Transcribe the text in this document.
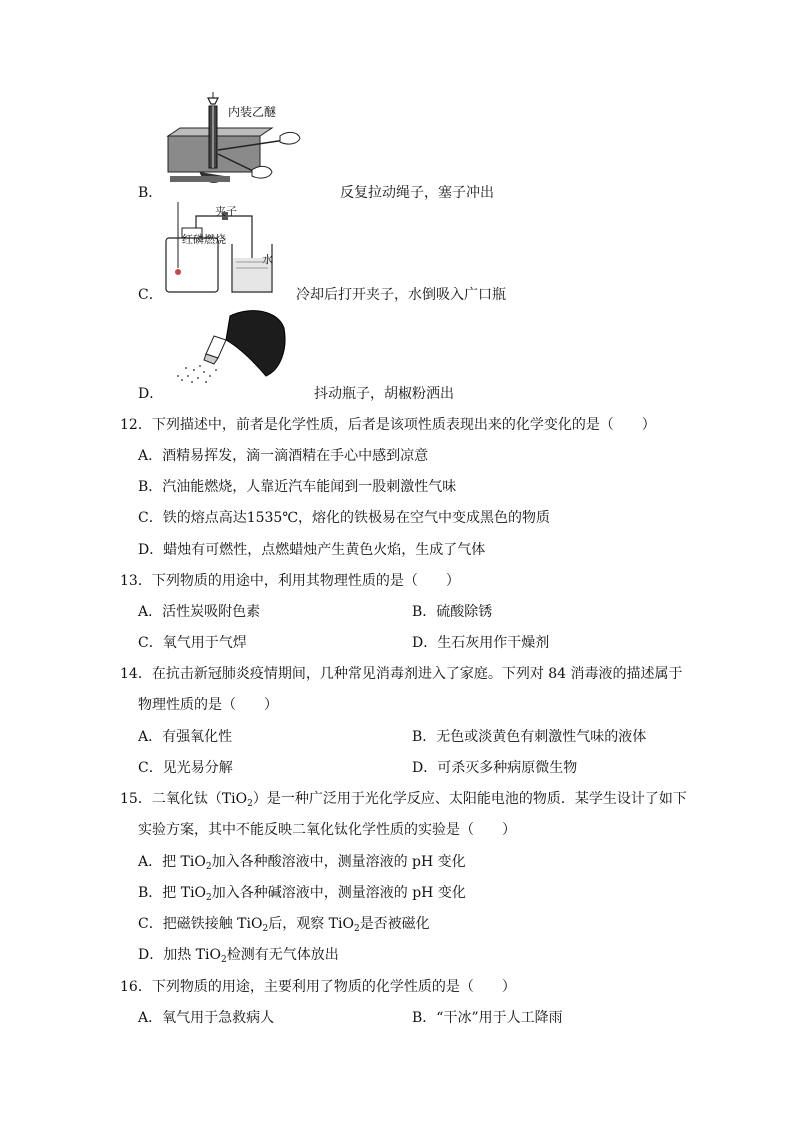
内装乙醚
B．	反复拉动绳子，塞子冲出
夹子
红磷燃烧
水
C．	冷却后打开夹子，水倒吸入广口瓶
D．	抖动瓶子，胡椒粉洒出
12．下列描述中，前者是化学性质，后者是该项性质表现出来的化学变化的是（　　）
A．酒精易挥发，滴一滴酒精在手心中感到凉意
B．汽油能燃烧，人靠近汽车能闻到一股刺激性气味
C．铁的熔点高达1535℃，熔化的铁极易在空气中变成黑色的物质
D．蜡烛有可燃性，点燃蜡烛产生黄色火焰，生成了气体
13．下列物质的用途中，利用其物理性质的是（　　）
A．活性炭吸附色素	B．硫酸除锈
C．氧气用于气焊	D．生石灰用作干燥剂
14．在抗击新冠肺炎疫情期间，几种常见消毒剂进入了家庭。下列对 84 消毒液的描述属于
物理性质的是（　　）
A．有强氧化性	B．无色或淡黄色有刺激性气味的液体
C．见光易分解	D．可杀灭多种病原微生物
15．二氧化钛（TiO$_2$）是一种广泛用于光化学反应、太阳能电池的物质．某学生设计了如下
实验方案，其中不能反映二氧化钛化学性质的实验是（　　）
A．把 TiO$_2$加入各种酸溶液中，测量溶液的 pH 变化
B．把 TiO$_2$加入各种碱溶液中，测量溶液的 pH 变化
C．把磁铁接触 TiO$_2$后，观察 TiO$_2$是否被磁化
D．加热 TiO$_2$检测有无气体放出
16．下列物质的用途，主要利用了物质的化学性质的是（　　）
A．氧气用于急救病人	B．“干冰”用于人工降雨
